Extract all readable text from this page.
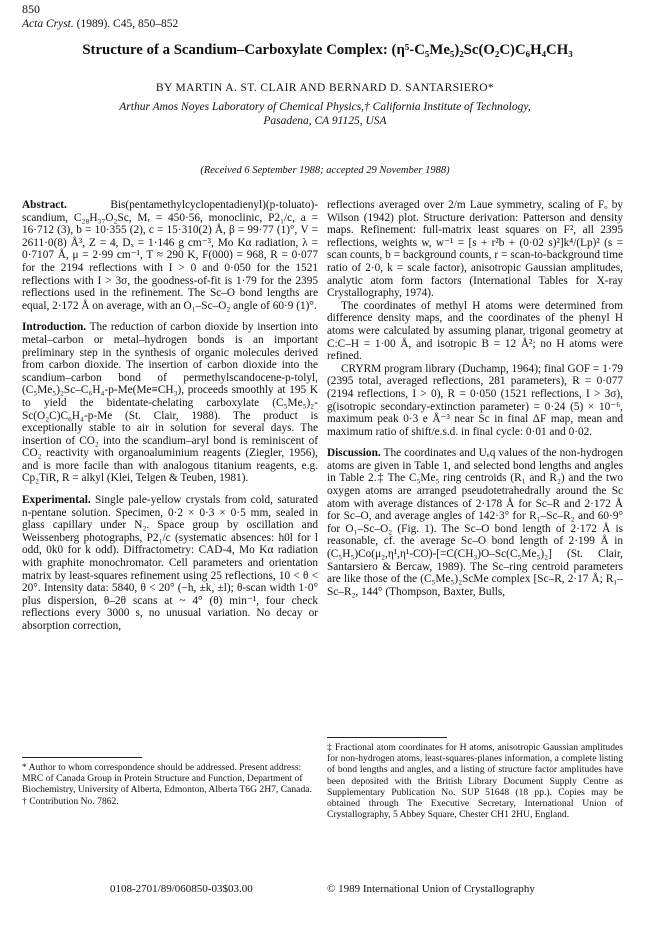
850
Acta Cryst. (1989). C45, 850–852
Structure of a Scandium–Carboxylate Complex: (η⁵-C₅Me₅)₂Sc(O₂C)C₆H₄CH₃
BY MARTIN A. ST. CLAIR AND BERNARD D. SANTARSIERO*
Arthur Amos Noyes Laboratory of Chemical Physics,† California Institute of Technology,
Pasadena, CA 91125, USA
(Received 6 September 1988; accepted 29 November 1988)

Abstract.	Bis(pentamethylcyclopentadienyl)(p-toluato)-scandium, C₂₈H₃₇O₂Sc, Mᵣ = 450·56, monoclinic, P2₁/c, a = 16·712 (3), b = 10·355 (2), c = 15·310(2) Å, β = 99·77 (1)°, V = 2611·0(8) Å³, Z = 4, Dₓ = 1·146 g cm⁻³, Mo Kα radiation, λ = 0·7107 Å, μ = 2·99 cm⁻¹, T ≈ 290 K, F(000) = 968, R = 0·077 for the 2194 reflections with I > 0 and 0·050 for the 1521 reflections with I > 3σ, the goodness-of-fit is 1·79 for the 2395 reflections used in the refinement. The Sc–O bond lengths are equal, 2·172 Å on average, with an O₁–Sc–O₂ angle of 60·9 (1)°.

Introduction. The reduction of carbon dioxide by insertion into metal–carbon or metal–hydrogen bonds is an important preliminary step in the synthesis of organic molecules derived from carbon dioxide. The insertion of carbon dioxide into the scandium–carbon bond of permethylscandocene-p-tolyl, (C₅Me₅)₂Sc–C₆H₄-p-Me(Me≡CH₃), proceeds smoothly at 195 K to yield the bidentate-chelating carboxylate (C₅Me₅)₂-Sc(O₂C)C₆H₄-p-Me (St. Clair, 1988). The product is exceptionally stable to air in solution for several days. The insertion of CO₂ into the scandium–aryl bond is reminiscent of CO₂ reactivity with organoaluminium reagents (Ziegler, 1956), and is more facile than with analogous titanium reagents, e.g. Cp₂TiR, R = alkyl (Klei, Telgen & Teuben, 1981).

Experimental. Single pale-yellow crystals from cold, saturated n-pentane solution. Specimen, 0·2 × 0·3 × 0·5 mm, sealed in glass capillary under N₂. Space group by oscillation and Weissenberg photographs, P2₁/c (systematic absences: h0l for l odd, 0k0 for k odd). Diffractometry: CAD-4, Mo Kα radiation with graphite monochromator. Cell parameters and orientation matrix by least-squares refinement using 25 reflections, 10 < θ < 20°. Intensity data: 5840, θ < 20° (−h, ±k, ±l); θ-scan width 1·0° plus dispersion, θ–2θ scans at ~ 4° (θ) min⁻¹, four check reflections every 3000 s, no unusual variation. No decay or absorption correction,

reflections averaged over 2/m Laue symmetry, scaling of Fₒ by Wilson (1942) plot. Structure derivation: Patterson and density maps. Refinement: full-matrix least squares on F², all 2395 reflections, weights w, w⁻¹ = [s + r²b + (0·02 s)²]k⁴/(Lp)² (s = scan counts, b = background counts, r = scan-to-background time ratio of 2·0, k = scale factor), anisotropic Gaussian amplitudes, analytic atom form factors (International Tables for X-ray Crystallography, 1974).

The coordinates of methyl H atoms were determined from difference density maps, and the coordinates of the phenyl H atoms were calculated by assuming planar, trigonal geometry at C:C–H = 1·00 Å, and isotropic B = 12 Å²; no H atoms were refined.

CRYRM program library (Duchamp, 1964); final GOF = 1·79 (2395 total, averaged reflections, 281 parameters), R = 0·077 (2194 reflections, I > 0), R = 0·050 (1521 reflections, I > 3σ), g(isotropic secondary-extinction parameter) = 0·24 (5) × 10⁻⁶, maximum peak 0·3 e Å⁻³ near Sc in final ΔF map, mean and maximum ratio of shift/e.s.d. in final cycle: 0·01 and 0·02.

Discussion. The coordinates and Uₑq values of the non-hydrogen atoms are given in Table 1, and selected bond lengths and angles in Table 2.‡ The C₅Me₅ ring centroids (R₁ and R₂) and the two oxygen atoms are arranged pseudotetrahedrally around the Sc atom with average distances of 2·178 Å for Sc–R and 2·172 Å for Sc–O, and average angles of 142·3° for R₁–Sc–R₂ and 60·9° for O₁–Sc–O₂ (Fig. 1). The Sc–O bond length of 2·172 Å is reasonable, cf. the average Sc–O bond length of 2·199 Å in (C₅H₅)Co(μ₂,η¹,η¹-CO)-[=C(CH₃)O–Sc(C₅Me₅)₂] (St. Clair, Santarsiero & Bercaw, 1989). The Sc–ring centroid parameters are like those of the (C₅Me₅)₂ScMe complex [Sc–R, 2·17 Å; R₁–Sc–R₂, 144° (Thompson, Baxter, Bulls,

* Author to whom correspondence should be addressed. Present address: MRC of Canada Group in Protein Structure and Function, Department of Biochemistry, University of Alberta, Edmonton, Alberta T6G 2H7, Canada.

† Contribution No. 7862.

‡ Fractional atom coordinates for H atoms, anisotropic Gaussian amplitudes for non-hydrogen atoms, least-squares-planes information, a complete listing of bond lengths and angles, and a listing of structure factor amplitudes have been deposited with the British Library Document Supply Centre as Supplementary Publication No. SUP 51648 (18 pp.). Copies may be obtained through The Executive Secretary, International Union of Crystallography, 5 Abbey Square, Chester CH1 2HU, England.

0108-2701/89/060850-03$03.00	© 1989 International Union of Crystallography
